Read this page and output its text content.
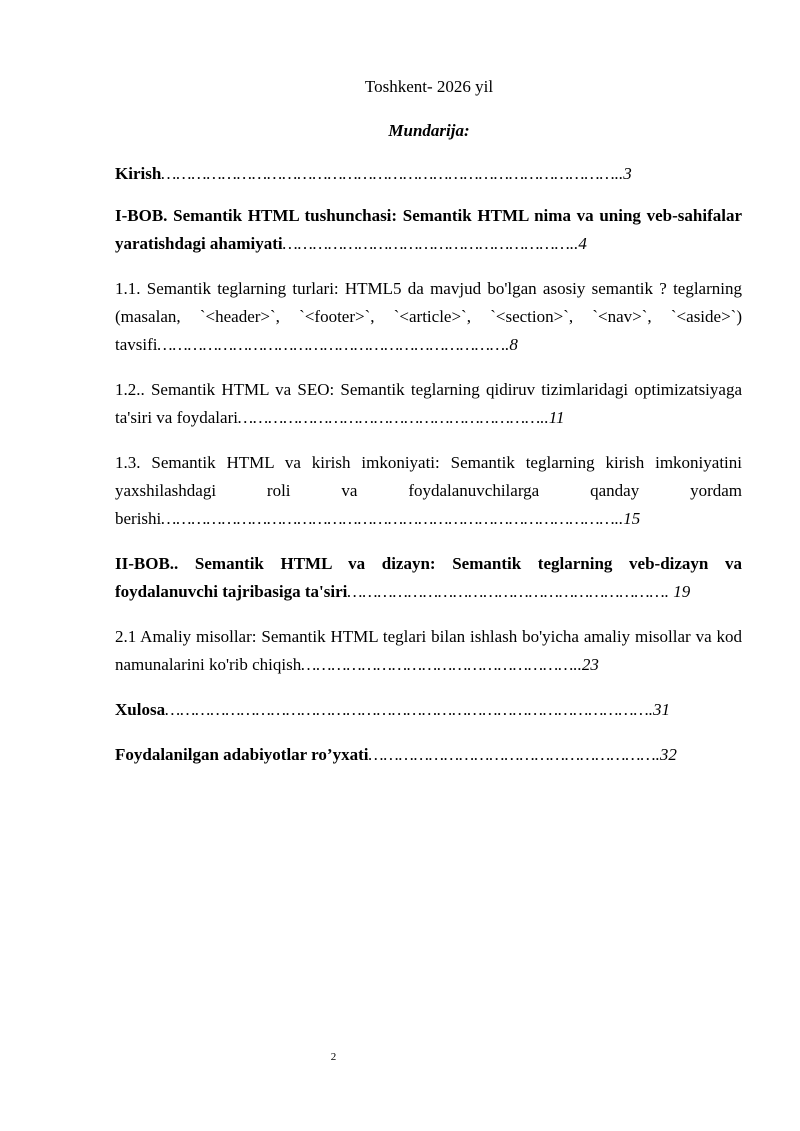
Toshkent- 2026 yil
Mundarija:
Kirish………………………………………………………………………………..3
I-BOB. Semantik HTML tushunchasi: Semantik HTML nima va uning veb-sahifalar yaratishdagi ahamiyati…………………………………………………..4
1.1. Semantik teglarning turlari: HTML5 da mavjud bo'lgan asosiy semantik ? teglarning (masalan, `<header>`, `<footer>`, `<article>`, `<section>`, `<nav>`, `<aside>`) tavsifi…………………………………………………………….8
1.2.. Semantik HTML va SEO: Semantik teglarning qidiruv tizimlaridagi optimizatsiyaga ta'siri va foydalari……………………………………………………..11
1.3. Semantik HTML va kirish imkoniyati: Semantik teglarning kirish imkoniyatini yaxshilashdagi roli va foydalanuvchilarga qanday yordam berishi………………………………………………………………………………..15
II-BOB.. Semantik HTML va dizayn: Semantik teglarning veb-dizayn va foydalanuvchi tajribasiga ta'siri………………………………………………………. 19
2.1 Amaliy misollar: Semantik HTML teglari bilan ishlash bo'yicha amaliy misollar va kod namunalarini ko'rib chiqish………………………………………………..23
Xulosa…………………………………………………………………………………….31
Foydalanilgan adabiyotlar ro’yxati………………………………………………….32
2
